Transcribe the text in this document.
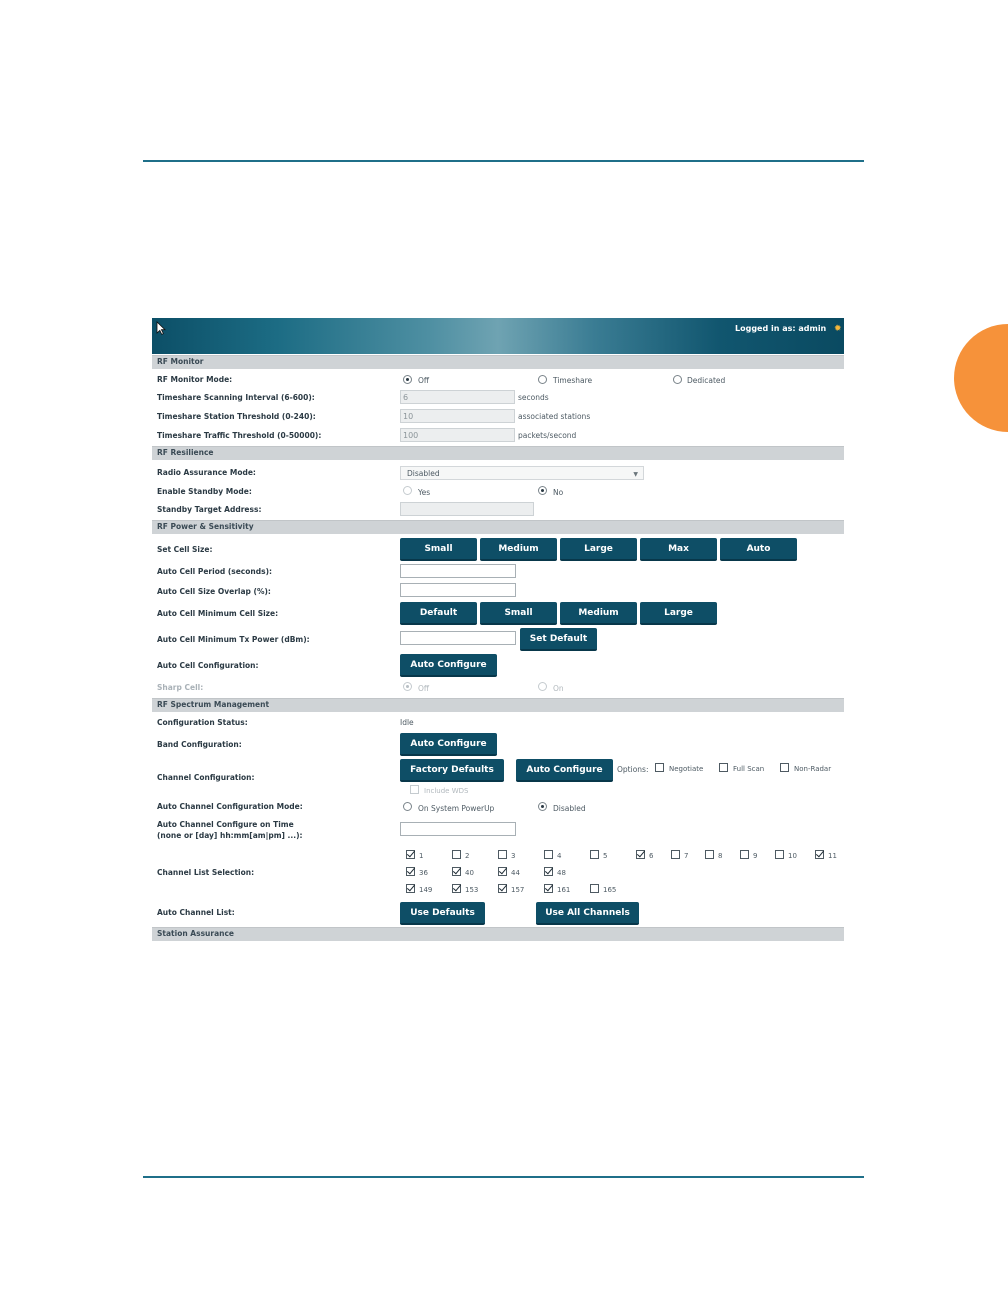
Logged in as: admin ✹
RF Monitor
RF Monitor Mode:	Off	Timeshare	Dedicated
Timeshare Scanning Interval (6-600):	6	seconds
Timeshare Station Threshold (0-240):	10	associated stations
Timeshare Traffic Threshold (0-50000):	100	packets/second
RF Resilience
Radio Assurance Mode:	Disabled	▼
Enable Standby Mode:	Yes	No
Standby Target Address:
RF Power & Sensitivity
Set Cell Size:	Small	Medium	Large	Max	Auto
Auto Cell Period (seconds):
Auto Cell Size Overlap (%):
Auto Cell Minimum Cell Size:	Default	Small	Medium	Large
Auto Cell Minimum Tx Power (dBm):	Set Default
Auto Cell Configuration:	Auto Configure
Sharp Cell:	Off	On
RF Spectrum Management
Configuration Status:	Idle
Band Configuration:	Auto Configure
Channel Configuration:
Factory Defaults	Auto Configure	Options:	Negotiate	Full Scan	Non-Radar
Include WDS
Auto Channel Configuration Mode:	On System PowerUp	Disabled
Auto Channel Configure on Time
(none or [day] hh:mm[am|pm] ...):
Channel List Selection:
1	2	3	4	5	6	7	8	9	10	11
36	40	44	48
149	153	157	161	165
Auto Channel List:	Use Defaults	Use All Channels
Station Assurance
